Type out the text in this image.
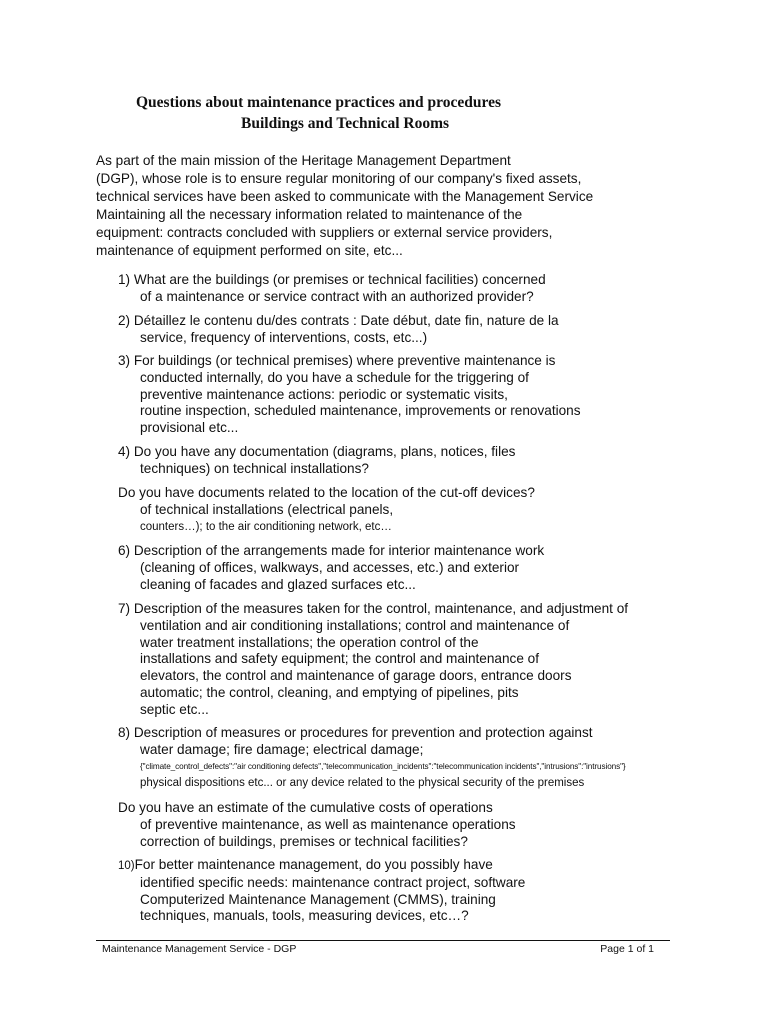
Questions about maintenance practices and procedures
Buildings and Technical Rooms
As part of the main mission of the Heritage Management Department
(DGP), whose role is to ensure regular monitoring of our company's fixed assets,
technical services have been asked to communicate with the Management Service
Maintaining all the necessary information related to maintenance of the
equipment: contracts concluded with suppliers or external service providers,
maintenance of equipment performed on site, etc...
1) What are the buildings (or premises or technical facilities) concerned
of a maintenance or service contract with an authorized provider?
2) Détaillez le contenu du/des contrats : Date début, date fin, nature de la
service, frequency of interventions, costs, etc...)
3) For buildings (or technical premises) where preventive maintenance is
conducted internally, do you have a schedule for the triggering of
preventive maintenance actions: periodic or systematic visits,
routine inspection, scheduled maintenance, improvements or renovations
provisional etc...
4) Do you have any documentation (diagrams, plans, notices, files
techniques) on technical installations?
Do you have documents related to the location of the cut-off devices?
of technical installations (electrical panels,
counters…); to the air conditioning network, etc…
6) Description of the arrangements made for interior maintenance work
(cleaning of offices, walkways, and accesses, etc.) and exterior
cleaning of facades and glazed surfaces etc...
7) Description of the measures taken for the control, maintenance, and adjustment of
ventilation and air conditioning installations; control and maintenance of
water treatment installations; the operation control of the
installations and safety equipment; the control and maintenance of
elevators, the control and maintenance of garage doors, entrance doors
automatic; the control, cleaning, and emptying of pipelines, pits
septic etc...
8) Description of measures or procedures for prevention and protection against
water damage; fire damage; electrical damage;
{"climate_control_defects":"air conditioning defects","telecommunication_incidents":"telecommunication incidents","intrusions":"intrusions"}
physical dispositions etc... or any device related to the physical security of the premises
Do you have an estimate of the cumulative costs of operations
of preventive maintenance, as well as maintenance operations
correction of buildings, premises or technical facilities?
10)For better maintenance management, do you possibly have
identified specific needs: maintenance contract project, software
Computerized Maintenance Management (CMMS), training
techniques, manuals, tools, measuring devices, etc…?
Maintenance Management Service - DGP	Page 1 of 1
